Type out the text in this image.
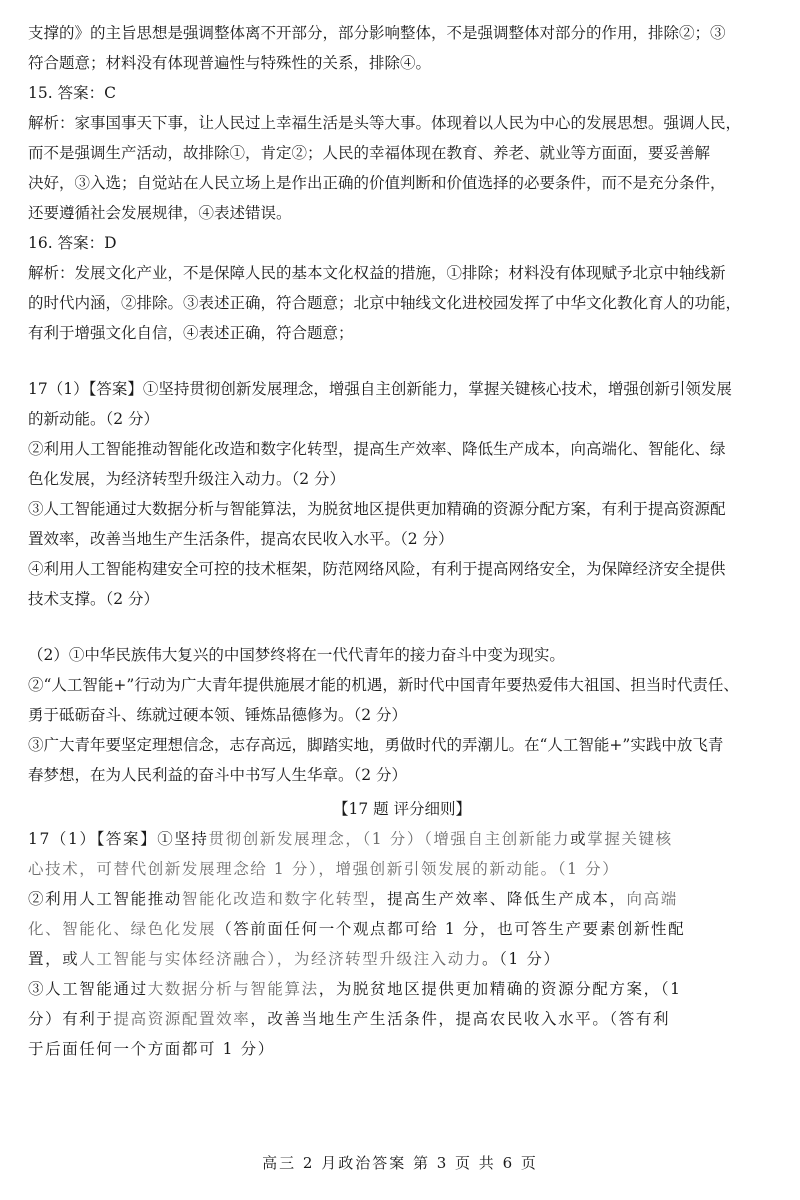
支撑的》的主旨思想是强调整体离不开部分，部分影响整体，不是强调整体对部分的作用，排除②；③
符合题意；材料没有体现普遍性与特殊性的关系，排除④。
15. 答案：C
解析：家事国事天下事，让人民过上幸福生活是头等大事。体现着以人民为中心的发展思想。强调人民，
而不是强调生产活动，故排除①，肯定②；人民的幸福体现在教育、养老、就业等方面面，要妥善解
决好，③入选；自觉站在人民立场上是作出正确的价值判断和价值选择的必要条件，而不是充分条件，
还要遵循社会发展规律，④表述错误。
16. 答案：D
解析：发展文化产业，不是保障人民的基本文化权益的措施，①排除；材料没有体现赋予北京中轴线新
的时代内涵，②排除。③表述正确，符合题意；北京中轴线文化进校园发挥了中华文化教化育人的功能，
有利于增强文化自信，④表述正确，符合题意；
17（1）【答案】①坚持贯彻创新发展理念，增强自主创新能力，掌握关键核心技术，增强创新引领发展
的新动能。（2 分）
②利用人工智能推动智能化改造和数字化转型，提高生产效率、降低生产成本，向高端化、智能化、绿
色化发展，为经济转型升级注入动力。（2 分）
③人工智能通过大数据分析与智能算法，为脱贫地区提供更加精确的资源分配方案，有利于提高资源配
置效率，改善当地生产生活条件，提高农民收入水平。（2 分）
④利用人工智能构建安全可控的技术框架，防范网络风险，有利于提高网络安全，为保障经济安全提供
技术支撑。（2 分）
（2）①中华民族伟大复兴的中国梦终将在一代代青年的接力奋斗中变为现实。
②“人工智能+”行动为广大青年提供施展才能的机遇，新时代中国青年要热爱伟大祖国、担当时代责任、
勇于砥砺奋斗、练就过硬本领、锤炼品德修为。（2 分）
③广大青年要坚定理想信念，志存高远，脚踏实地，勇做时代的弄潮儿。在“人工智能+”实践中放飞青
春梦想，在为人民利益的奋斗中书写人生华章。（2 分）
【17 题 评分细则】
17（1）【答案】①坚持贯彻创新发展理念，（1 分）（增强自主创新能力或掌握关键核
心技术，可替代创新发展理念给 1 分），增强创新引领发展的新动能。（1 分）
②利用人工智能推动智能化改造和数字化转型，提高生产效率、降低生产成本，向高端
化、智能化、绿色化发展（答前面任何一个观点都可给 1 分，也可答生产要素创新性配
置，或人工智能与实体经济融合），为经济转型升级注入动力。（1 分）
③人工智能通过大数据分析与智能算法，为脱贫地区提供更加精确的资源分配方案，（1
分）有利于提高资源配置效率，改善当地生产生活条件，提高农民收入水平。（答有利
于后面任何一个方面都可 1 分）
高三 2 月政治答案 第 3 页 共 6 页
